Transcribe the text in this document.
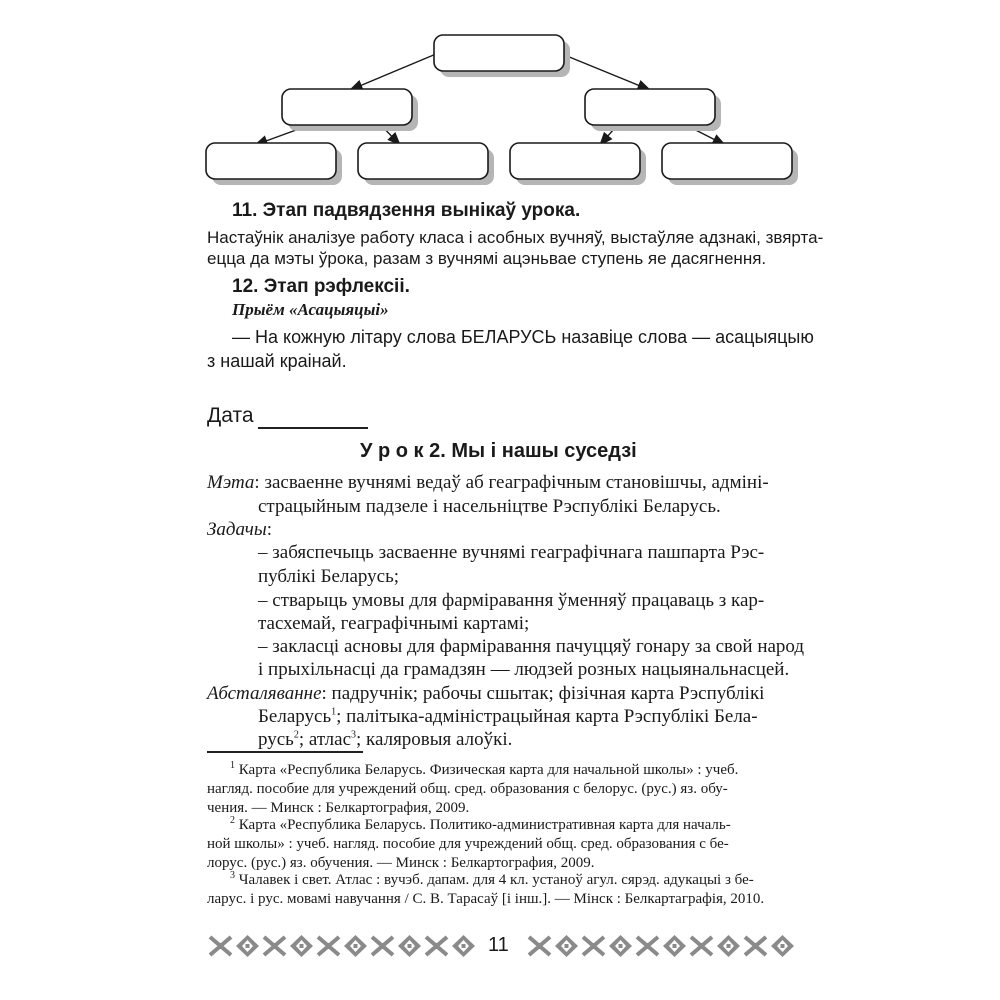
11. Этап падвядзення вынікаў урока.
Настаўнік аналізуе работу класа і асобных вучняў, выстаўляе адзнакі, звярта-
ецца да мэты ўрока, разам з вучнямі ацэньвае ступень яе дасягнення.
12. Этап рэфлексіі.
Прыём «Асацыяцыі»
— На кожную літару слова БЕЛАРУСЬ назавіце слова — асацыяцыю
з нашай краінай.
Дата
У р о к 2. Мы і нашы суседзі
Мэта: засваенне вучнямі ведаў аб геаграфічным становішчы, адміні-
страцыйным падзеле і насельніцтве Рэспублікі Беларусь.
Задачы:
– забяспечыць засваенне вучнямі геаграфічнага пашпарта Рэс-
публікі Беларусь;
– стварыць умовы для фарміравання ўменняў працаваць з кар-
тасхемай, геаграфічнымі картамі;
– закласці асновы для фарміравання пачуццяў гонару за свой народ
і прыхільнасці да грамадзян — людзей розных нацыянальнасцей.
Абсталяванне: падручнік; рабочы сшытак; фізічная карта Рэспублікі
Беларусь$^1$; палітыка-адміністрацыйная карта Рэспублікі Бела-
русь$^2$; атлас$^3$; каляровыя алоўкі.
$^1$ Карта «Республика Беларусь. Физическая карта для начальной школы» : учеб.
нагляд. пособие для учреждений общ. сред. образования с белорус. (рус.) яз. обу-
чения. — Минск : Белкартография, 2009.
$^2$ Карта «Республика Беларусь. Политико-административная карта для началь-
ной школы» : учеб. нагляд. пособие для учреждений общ. сред. образования с бе-
лорус. (рус.) яз. обучения. — Минск : Белкартография, 2009.
$^3$ Чалавек і свет. Атлас : вучэб. дапам. для 4 кл. устаноў агул. сярэд. адукацыі з бе-
ларус. і рус. мовамі навучання / С. В. Тарасаў [і інш.]. — Мінск : Белкартаграфія, 2010.
11
